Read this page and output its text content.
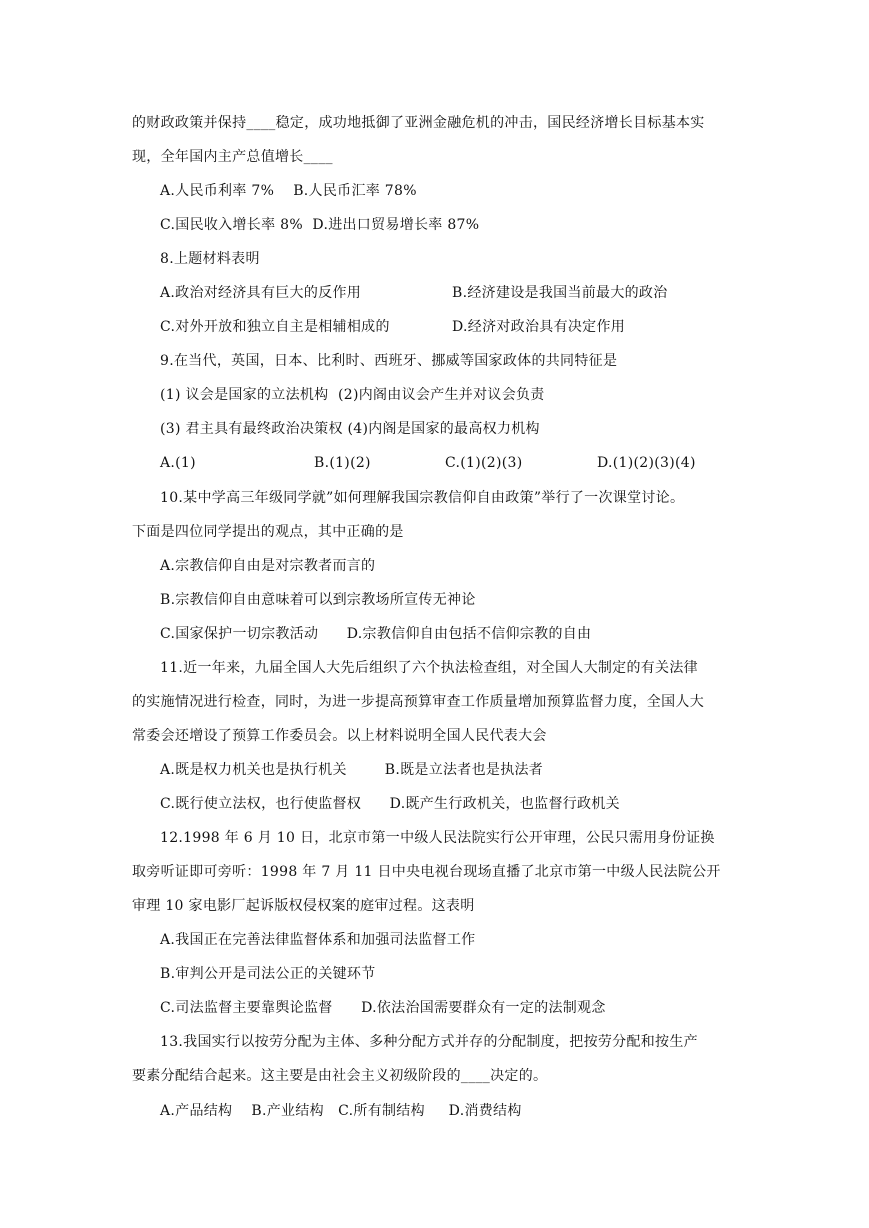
的财政政策并保持____稳定，成功地抵御了亚洲金融危机的冲击，国民经济增长目标基本实
现，全年国内主产总值增长____
A.人民币利率 7%    B.人民币汇率 78%
C.国民收入增长率 8%  D.进出口贸易增长率 87%
8.上题材料表明
A.政治对经济具有巨大的反作用	B.经济建设是我国当前最大的政治
C.对外开放和独立自主是相辅相成的	D.经济对政治具有决定作用
9.在当代，英国，日本、比利时、西班牙、挪威等国家政体的共同特征是
(1) 议会是国家的立法机构  (2)内阁由议会产生并对议会负责
(3) 君主具有最终政治决策权 (4)内阁是国家的最高权力机构
A.(1)	B.(1)(2)	C.(1)(2)(3)	D.(1)(2)(3)(4)
10.某中学高三年级同学就”如何理解我国宗教信仰自由政策”举行了一次课堂讨论。
下面是四位同学提出的观点，其中正确的是
A.宗教信仰自由是对宗教者而言的
B.宗教信仰自由意味着可以到宗教场所宣传无神论
C.国家保护一切宗教活动      D.宗教信仰自由包括不信仰宗教的自由
11.近一年来，九届全国人大先后组织了六个执法检查组，对全国人大制定的有关法律
的实施情况进行检查，同时，为进一步提高预算审查工作质量增加预算监督力度，全国人大
常委会还增设了预算工作委员会。以上材料说明全国人民代表大会
A.既是权力机关也是执行机关        B.既是立法者也是执法者
C.既行使立法权，也行使监督权      D.既产生行政机关，也监督行政机关
12.1998 年 6 月 10 日，北京市第一中级人民法院实行公开审理，公民只需用身份证换
取旁听证即可旁听：1998 年 7 月 11 日中央电视台现场直播了北京市第一中级人民法院公开
审理 10 家电影厂起诉版权侵权案的庭审过程。这表明
A.我国正在完善法律监督体系和加强司法监督工作
B.审判公开是司法公正的关键环节
C.司法监督主要靠舆论监督      D.依法治国需要群众有一定的法制观念
13.我国实行以按劳分配为主体、多种分配方式并存的分配制度，把按劳分配和按生产
要素分配结合起来。这主要是由社会主义初级阶段的____决定的。
A.产品结构    B.产业结构   C.所有制结构     D.消费结构
